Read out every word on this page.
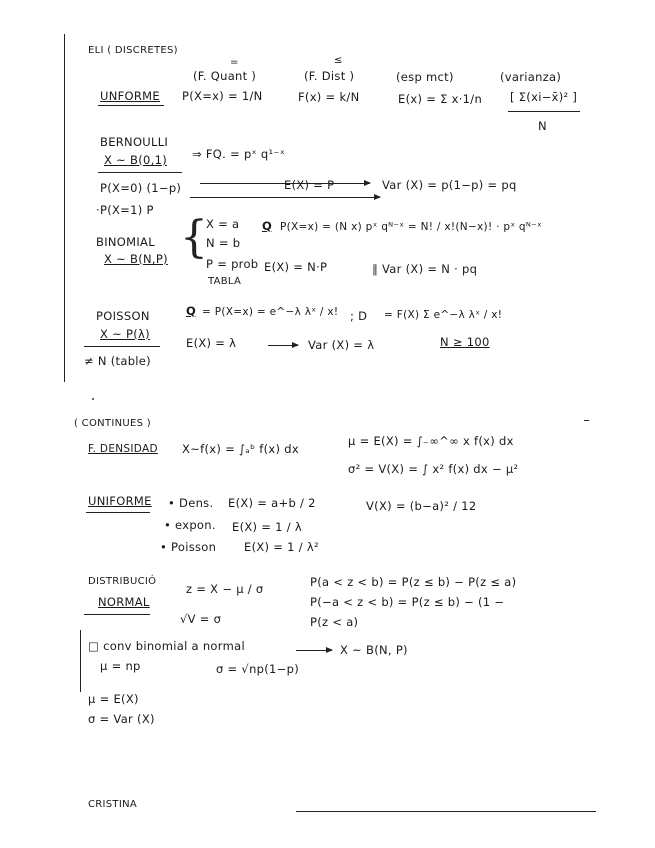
ELI ( DISCRETES)
=	≤
(F. Quant )	(F. Dist )	(esp mct)	(varianza)
UNFORME P(X=x) = 1/N	F(x) = k/N	E(x) = Σ x·1/n [ Σ(xi−x̄)² ]
N
BERNOULLI
X ~ B(0,1) ⇒ FQ. = pˣ q¹⁻ˣ
P(X=0) (1−p)	E(X) = P	Var (X) = p(1−p) = pq
·P(X=1) P
BINOMIAL
X ~ B(N,P) {
X = a
N = b
P = prob
TABLA
Q P(X=x) = (N x) pˣ qᴺ⁻ˣ = N! / x!(N−x)! · pˣ qᴺ⁻ˣ
E(X) = N·P	∥ Var (X) = N · pq
POISSON
X ~ P(λ)
≠ N (table)
Q = P(X=x) = e^−λ λˣ / x! ; D = F(X) Σ e^−λ λˣ / x!
E(X) = λ	Var (X) = λ	N ≥ 100
( CONTINUES )
F. DENSIDAD X~f(x) = ∫ₐᵇ f(x) dx
μ = E(X) = ∫₋∞^∞ x f(x) dx
σ² = V(X) = ∫ x² f(x) dx − μ²
UNIFORME • Dens. E(X) = a+b / 2	V(X) = (b−a)² / 12
• expon. E(X) = 1 / λ
• Poisson E(X) = 1 / λ²
DISTRIBUCIÓ
NORMAL
z = X − μ / σ
√V = σ
P(a < z < b) = P(z ≤ b) − P(z ≤ a)
P(−a < z < b) = P(z ≤ b) − (1 −
P(z < a)
□ conv binomial a normal	X ~ B(N, P)
μ = np	σ = √np(1−p)
μ = E(X)
σ = Var (X)
CRISTINA
